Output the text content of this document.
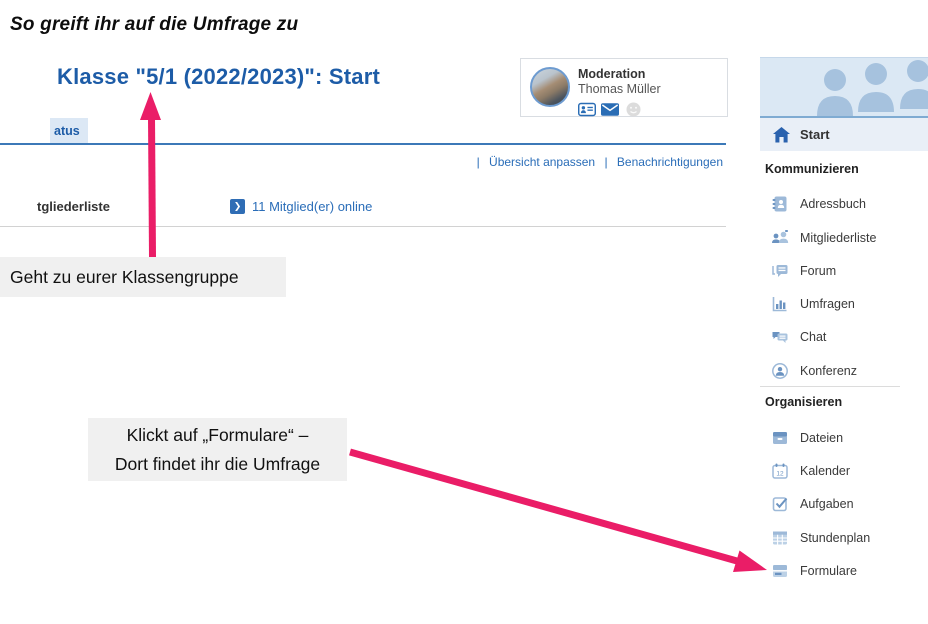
So greift ihr auf die Umfrage zu
Klasse "5/1 (2022/2023)": Start	Moderation
Thomas Müller
atus
| Übersicht anpassen | Benachrichtigungen
tgliederliste	❯ 11 Mitglied(er) online
Geht zu eurer Klassengruppe
Klickt auf „Formulare“ –
Dort findet ihr die Umfrage
Start
Kommunizieren
Adressbuch
Mitgliederliste
Forum
Umfragen
Chat
Konferenz
Organisieren
Dateien
12 Kalender
Aufgaben
Stundenplan
Formulare
